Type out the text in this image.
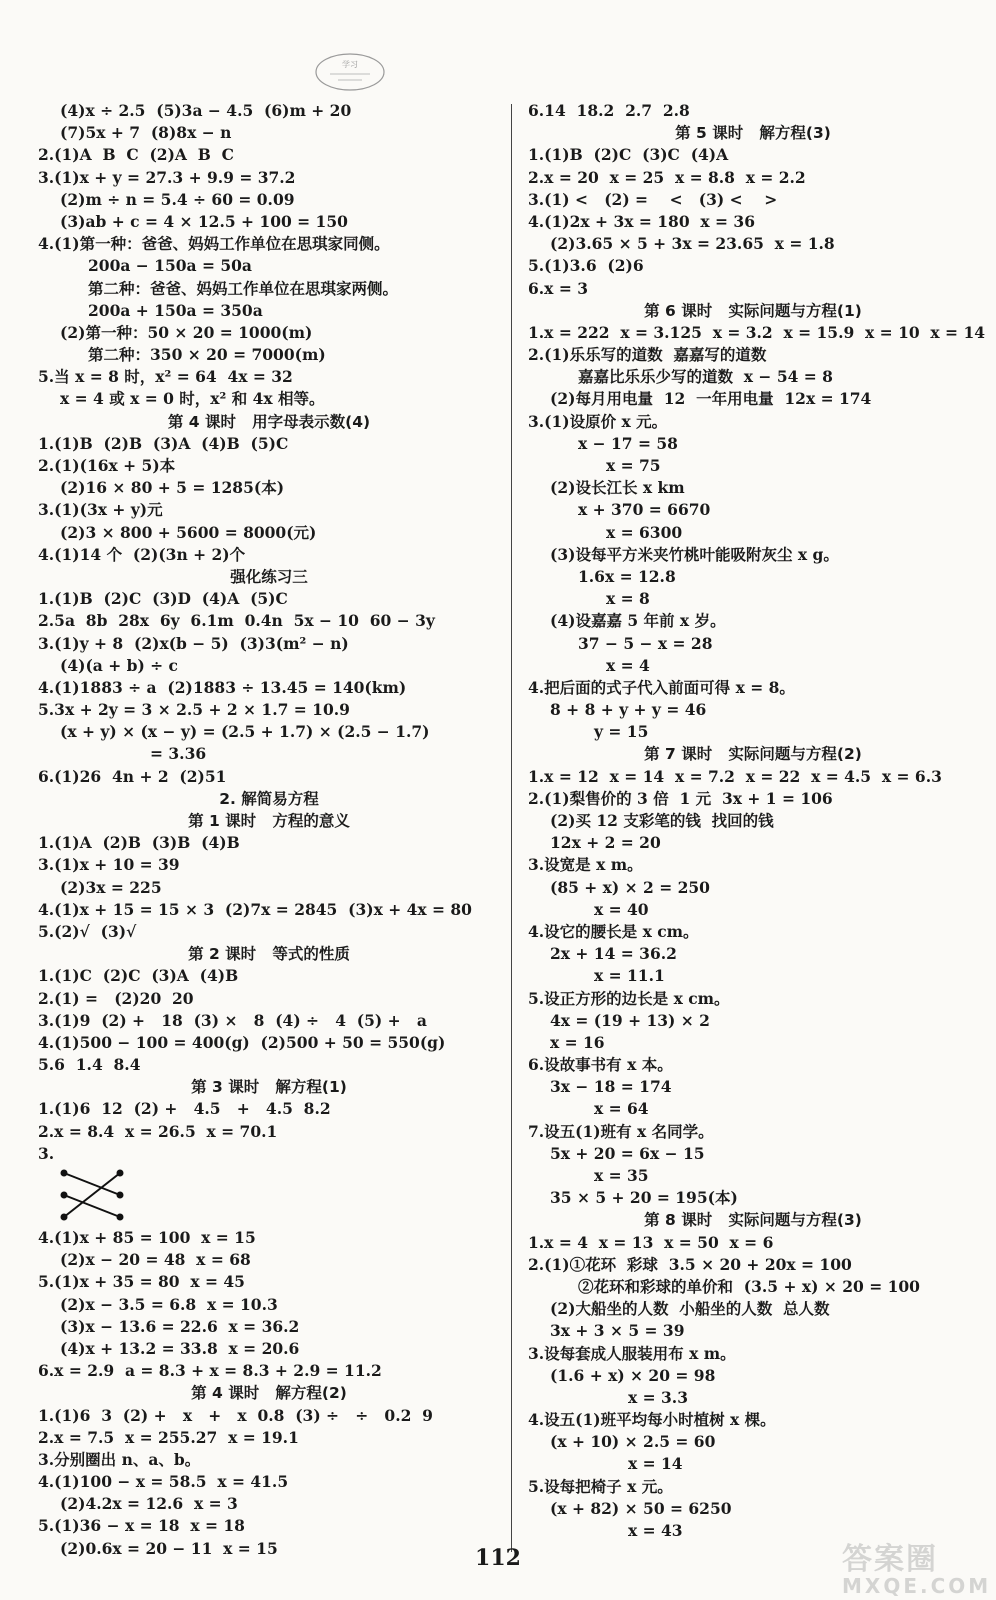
学习
(4)x ÷ 2.5  (5)3a − 4.5  (6)m + 20
(7)5x + 7  (8)8x − n
2.(1)A  B  C  (2)A  B  C
3.(1)x + y = 27.3 + 9.9 = 37.2
(2)m ÷ n = 5.4 ÷ 60 = 0.09
(3)ab + c = 4 × 12.5 + 100 = 150
4.(1)第一种：爸爸、妈妈工作单位在思琪家同侧。
200a − 150a = 50a
第二种：爸爸、妈妈工作单位在思琪家两侧。
200a + 150a = 350a
(2)第一种：50 × 20 = 1000(m)
第二种：350 × 20 = 7000(m)
5.当 x = 8 时，x² = 64  4x = 32
x = 4 或 x = 0 时，x² 和 4x 相等。
第 4 课时   用字母表示数(4)
1.(1)B  (2)B  (3)A  (4)B  (5)C
2.(1)(16x + 5)本
(2)16 × 80 + 5 = 1285(本)
3.(1)(3x + y)元
(2)3 × 800 + 5600 = 8000(元)
4.(1)14 个  (2)(3n + 2)个
强化练习三
1.(1)B  (2)C  (3)D  (4)A  (5)C
2.5a  8b  28x  6y  6.1m  0.4n  5x − 10  60 − 3y
3.(1)y + 8  (2)x(b − 5)  (3)3(m² − n)
(4)(a + b) ÷ c
4.(1)1883 ÷ a  (2)1883 ÷ 13.45 = 140(km)
5.3x + 2y = 3 × 2.5 + 2 × 1.7 = 10.9
(x + y) × (x − y) = (2.5 + 1.7) × (2.5 − 1.7)
= 3.36
6.(1)26  4n + 2  (2)51
2. 解简易方程
第 1 课时   方程的意义
1.(1)A  (2)B  (3)B  (4)B
3.(1)x + 10 = 39
(2)3x = 225
4.(1)x + 15 = 15 × 3  (2)7x = 2845  (3)x + 4x = 80
5.(2)√  (3)√
第 2 课时   等式的性质
1.(1)C  (2)C  (3)A  (4)B
2.(1) =   (2)20  20
3.(1)9  (2) +   18  (3) ×   8  (4) ÷   4  (5) +   a
4.(1)500 − 100 = 400(g)  (2)500 + 50 = 550(g)
5.6  1.4  8.4
第 3 课时   解方程(1)
1.(1)6  12  (2) +   4.5   +   4.5  8.2
2.x = 8.4  x = 26.5  x = 70.1
3.
4.(1)x + 85 = 100  x = 15
(2)x − 20 = 48  x = 68
5.(1)x + 35 = 80  x = 45
(2)x − 3.5 = 6.8  x = 10.3
(3)x − 13.6 = 22.6  x = 36.2
(4)x + 13.2 = 33.8  x = 20.6
6.x = 2.9  a = 8.3 + x = 8.3 + 2.9 = 11.2
第 4 课时   解方程(2)
1.(1)6  3  (2) +   x   +   x  0.8  (3) ÷   ÷   0.2  9
2.x = 7.5  x = 255.27  x = 19.1
3.分别圈出 n、a、b。
4.(1)100 − x = 58.5  x = 41.5
(2)4.2x = 12.6  x = 3
5.(1)36 − x = 18  x = 18
(2)0.6x = 20 − 11  x = 15
6.14  18.2  2.7  2.8
第 5 课时   解方程(3)
1.(1)B  (2)C  (3)C  (4)A
2.x = 20  x = 25  x = 8.8  x = 2.2
3.(1) <   (2) =    <   (3) <    >
4.(1)2x + 3x = 180  x = 36
(2)3.65 × 5 + 3x = 23.65  x = 1.8
5.(1)3.6  (2)6
6.x = 3
第 6 课时   实际问题与方程(1)
1.x = 222  x = 3.125  x = 3.2  x = 15.9  x = 10  x = 14
2.(1)乐乐写的道数  嘉嘉写的道数
嘉嘉比乐乐少写的道数  x − 54 = 8
(2)每月用电量  12  一年用电量  12x = 174
3.(1)设原价 x 元。
x − 17 = 58
x = 75
(2)设长江长 x km
x + 370 = 6670
x = 6300
(3)设每平方米夹竹桃叶能吸附灰尘 x g。
1.6x = 12.8
x = 8
(4)设嘉嘉 5 年前 x 岁。
37 − 5 − x = 28
x = 4
4.把后面的式子代入前面可得 x = 8。
8 + 8 + y + y = 46
y = 15
第 7 课时   实际问题与方程(2)
1.x = 12  x = 14  x = 7.2  x = 22  x = 4.5  x = 6.3
2.(1)梨售价的 3 倍  1 元  3x + 1 = 106
(2)买 12 支彩笔的钱  找回的钱
12x + 2 = 20
3.设宽是 x m。
(85 + x) × 2 = 250
x = 40
4.设它的腰长是 x cm。
2x + 14 = 36.2
x = 11.1
5.设正方形的边长是 x cm。
4x = (19 + 13) × 2
x = 16
6.设故事书有 x 本。
3x − 18 = 174
x = 64
7.设五(1)班有 x 名同学。
5x + 20 = 6x − 15
x = 35
35 × 5 + 20 = 195(本)
第 8 课时   实际问题与方程(3)
1.x = 4  x = 13  x = 50  x = 6
2.(1)①花环  彩球  3.5 × 20 + 20x = 100
②花环和彩球的单价和  (3.5 + x) × 20 = 100
(2)大船坐的人数  小船坐的人数  总人数
3x + 3 × 5 = 39
3.设每套成人服装用布 x m。
(1.6 + x) × 20 = 98
x = 3.3
4.设五(1)班平均每小时植树 x 棵。
(x + 10) × 2.5 = 60
x = 14
5.设每把椅子 x 元。
(x + 82) × 50 = 6250
x = 43
112	答案圈
MXQE.COM
